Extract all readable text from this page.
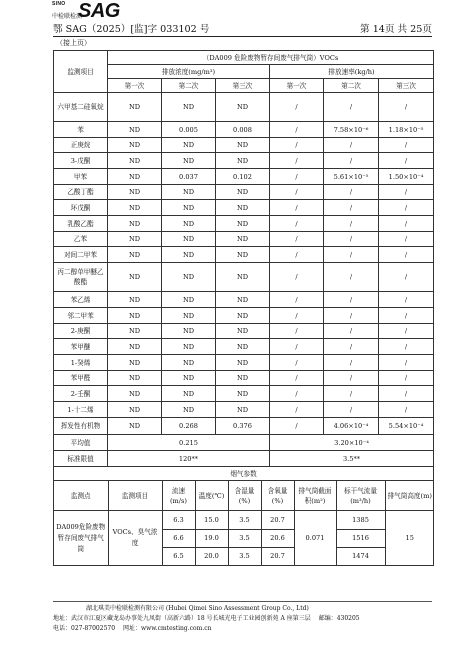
SINO
中检联检测
SAG
鄂 SAG（2025）[监]字 033102 号	第 14页 共 25页
（接上页）
监测项目	（DA009 危险废物暂存间废气排气筒）VOCs
排放浓度(mg/m³)	排放速率(kg/h)
第一次	第二次	第三次	第一次	第二次	第三次
六甲基二硅氧烷	ND	ND	ND	/	/	/
苯	ND	0.005	0.008	/	7.58×10⁻⁶	1.18×10⁻⁵
正庚烷	ND	ND	ND	/	/	/
3-戊酮	ND	ND	ND	/	/	/
甲苯	ND	0.037	0.102	/	5.61×10⁻⁵	1.50×10⁻⁴
乙酸丁酯	ND	ND	ND	/	/	/
环戊酮	ND	ND	ND	/	/	/
乳酸乙酯	ND	ND	ND	/	/	/
乙苯	ND	ND	ND	/	/	/
对间二甲苯	ND	ND	ND	/	/	/
丙二醇单甲醚乙酸酯	ND	ND	ND	/	/	/
苯乙烯	ND	ND	ND	/	/	/
邻二甲苯	ND	ND	ND	/	/	/
2-庚酮	ND	ND	ND	/	/	/
苯甲醚	ND	ND	ND	/	/	/
1-癸烯	ND	ND	ND	/	/	/
苯甲醛	ND	ND	ND	/	/	/
2-壬酮	ND	ND	ND	/	/	/
1-十二烯	ND	ND	ND	/	/	/
挥发性有机物	ND	0.268	0.376	/	4.06×10⁻⁴	5.54×10⁻⁴
平均值	0.215	3.20×10⁻⁴
标准限值	120**	3.5**
烟气参数

监测点	监测项目	流速(m/s)	温度(℃)	含湿量(%)	含氧量(%)	排气筒截面积(m²)	标干气流量(m³/h)	排气筒高度(m)

DA009危险废物暂存间废气排气筒	VOCs、臭气浓度	6.3	15.0	3.5	20.7	0.071	1385	15
6.6	19.0	3.5	20.6	1516
6.5	20.0	3.5	20.7	1474
湖北琪美中检联检测有限公司 (Hubei Qimei Sino Assessment Group Co., Ltd)
地址：武汉市江夏区藏龙岛办事处九凤街（高新六路）18 号长城光电子工业园创新苑 A 座第三层 邮编：430205
电话：027-87002570 网址：www.cmtesting.com.cn
